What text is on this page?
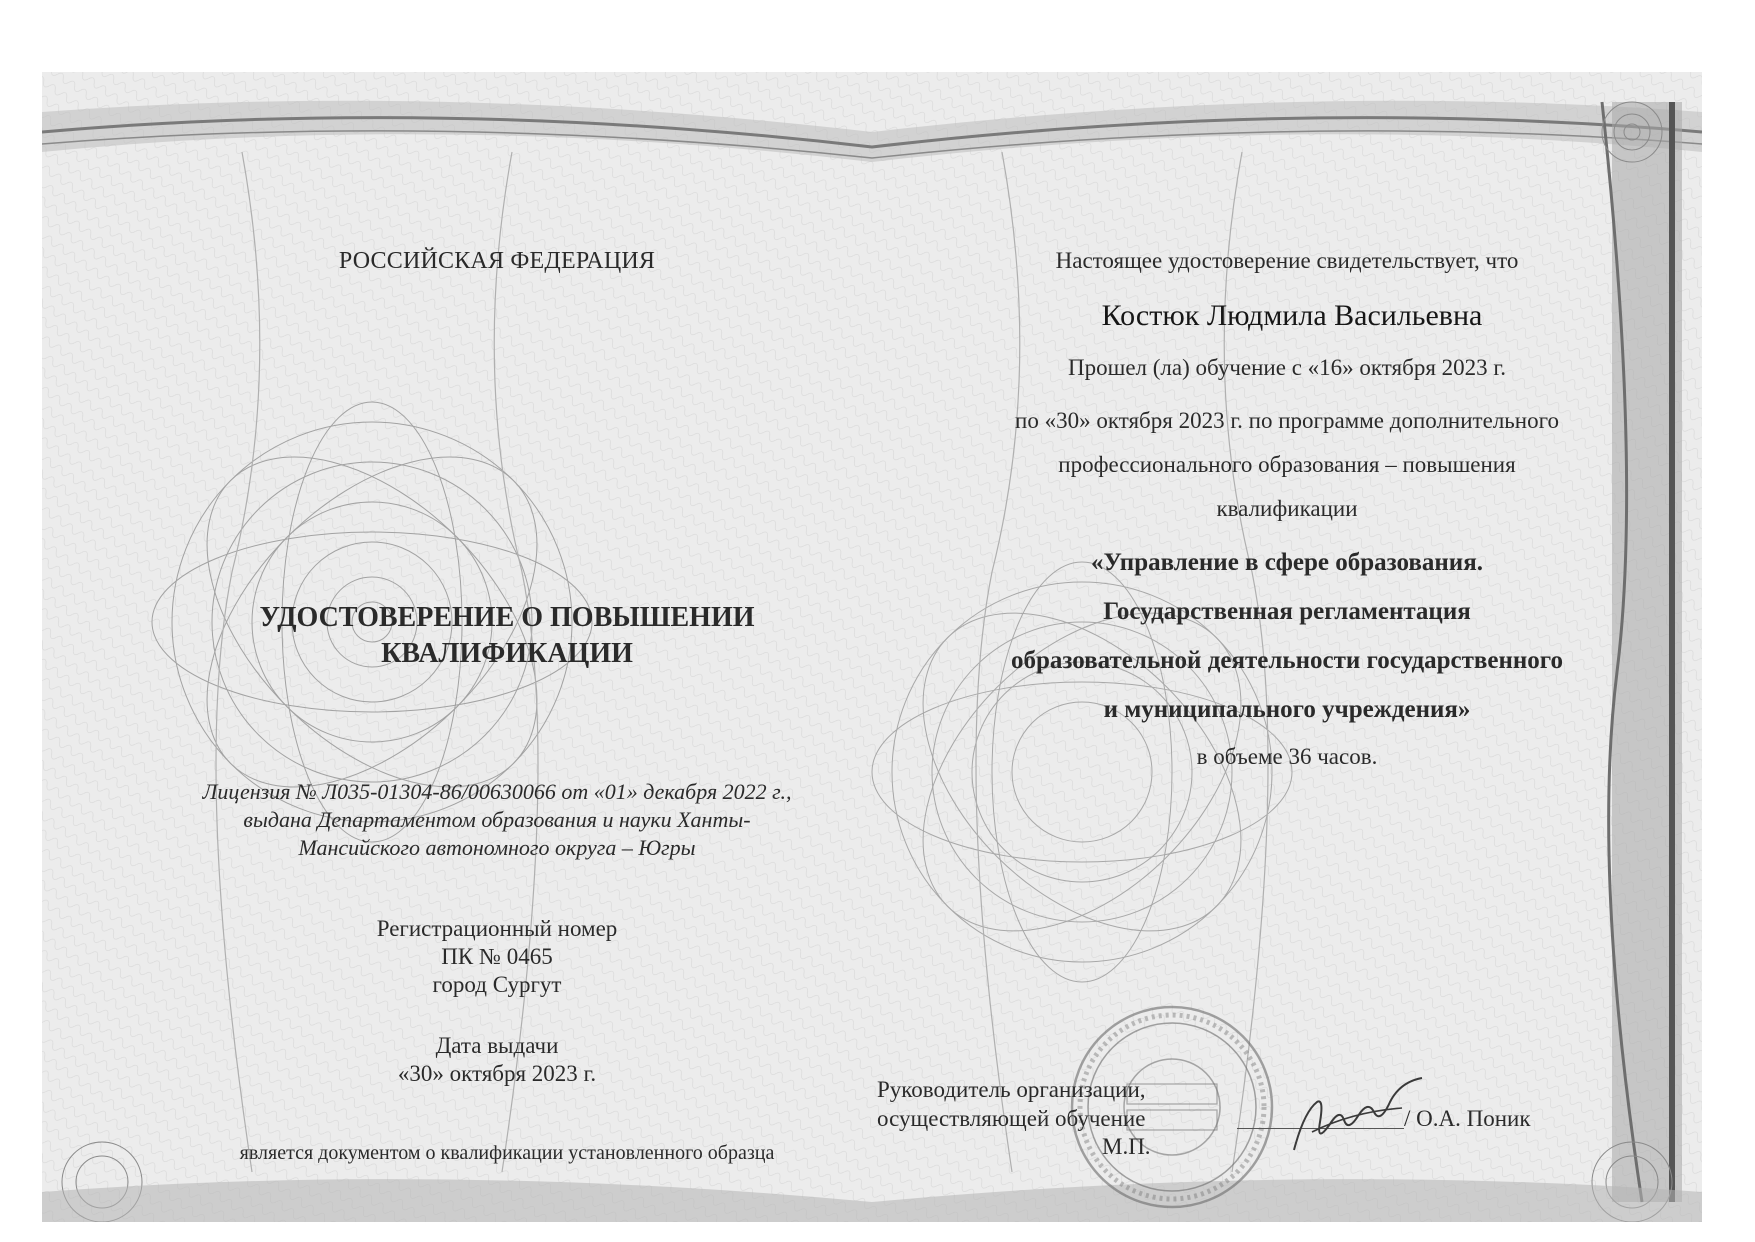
РОССИЙСКАЯ ФЕДЕРАЦИЯ
УДОСТОВЕРЕНИЕ О ПОВЫШЕНИИ
КВАЛИФИКАЦИИ
Лицензия № Л035-01304-86/00630066 от «01» декабря 2022 г.,
выдана Департаментом образования и науки Ханты-
Мансийского автономного округа – Югры
Регистрационный номер
ПК № 0465
город Сургут
Дата выдачи
«30» октября 2023 г.
является документом о квалификации установленного образца
Настоящее удостоверение свидетельствует, что
Костюк Людмила Васильевна
Прошел (ла) обучение с «16» октября 2023 г.
по «30» октября 2023 г. по программе дополнительного
профессионального образования – повышения
квалификации
«Управление в сфере образования.
Государственная регламентация
образовательной деятельности государственного
и муниципального учреждения»
в объеме 36 часов.
Руководитель организации,
осуществляющей обучение	/ О.А. Поник
М.П.
